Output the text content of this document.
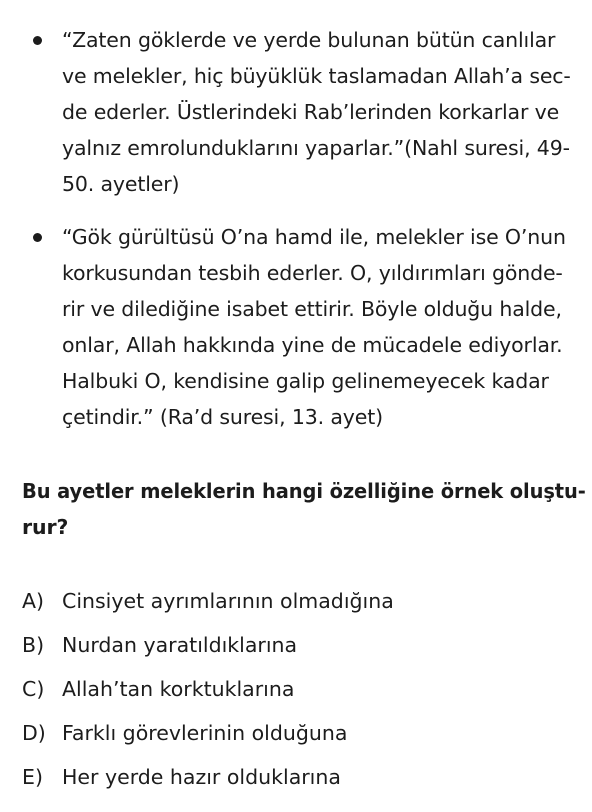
“Zaten göklerde ve yerde bulunan bütün canlılar
ve melekler, hiç büyüklük taslamadan Allah’a sec-
de ederler. Üstlerindeki Rab’lerinden korkarlar ve
yalnız emrolunduklarını yaparlar.”(Nahl suresi, 49-
50. ayetler)
“Gök gürültüsü O’na hamd ile, melekler ise O’nun
korkusundan tesbih ederler. O, yıldırımları gönde-
rir ve dilediğine isabet ettirir. Böyle olduğu halde,
onlar, Allah hakkında yine de mücadele ediyorlar.
Halbuki O, kendisine galip gelinemeyecek kadar
çetindir.” (Ra’d suresi, 13. ayet)
Bu ayetler meleklerin hangi özelliğine örnek oluştu-
rur?
A) Cinsiyet ayrımlarının olmadığına
B) Nurdan yaratıldıklarına
C) Allah’tan korktuklarına
D) Farklı görevlerinin olduğuna
E) Her yerde hazır olduklarına
